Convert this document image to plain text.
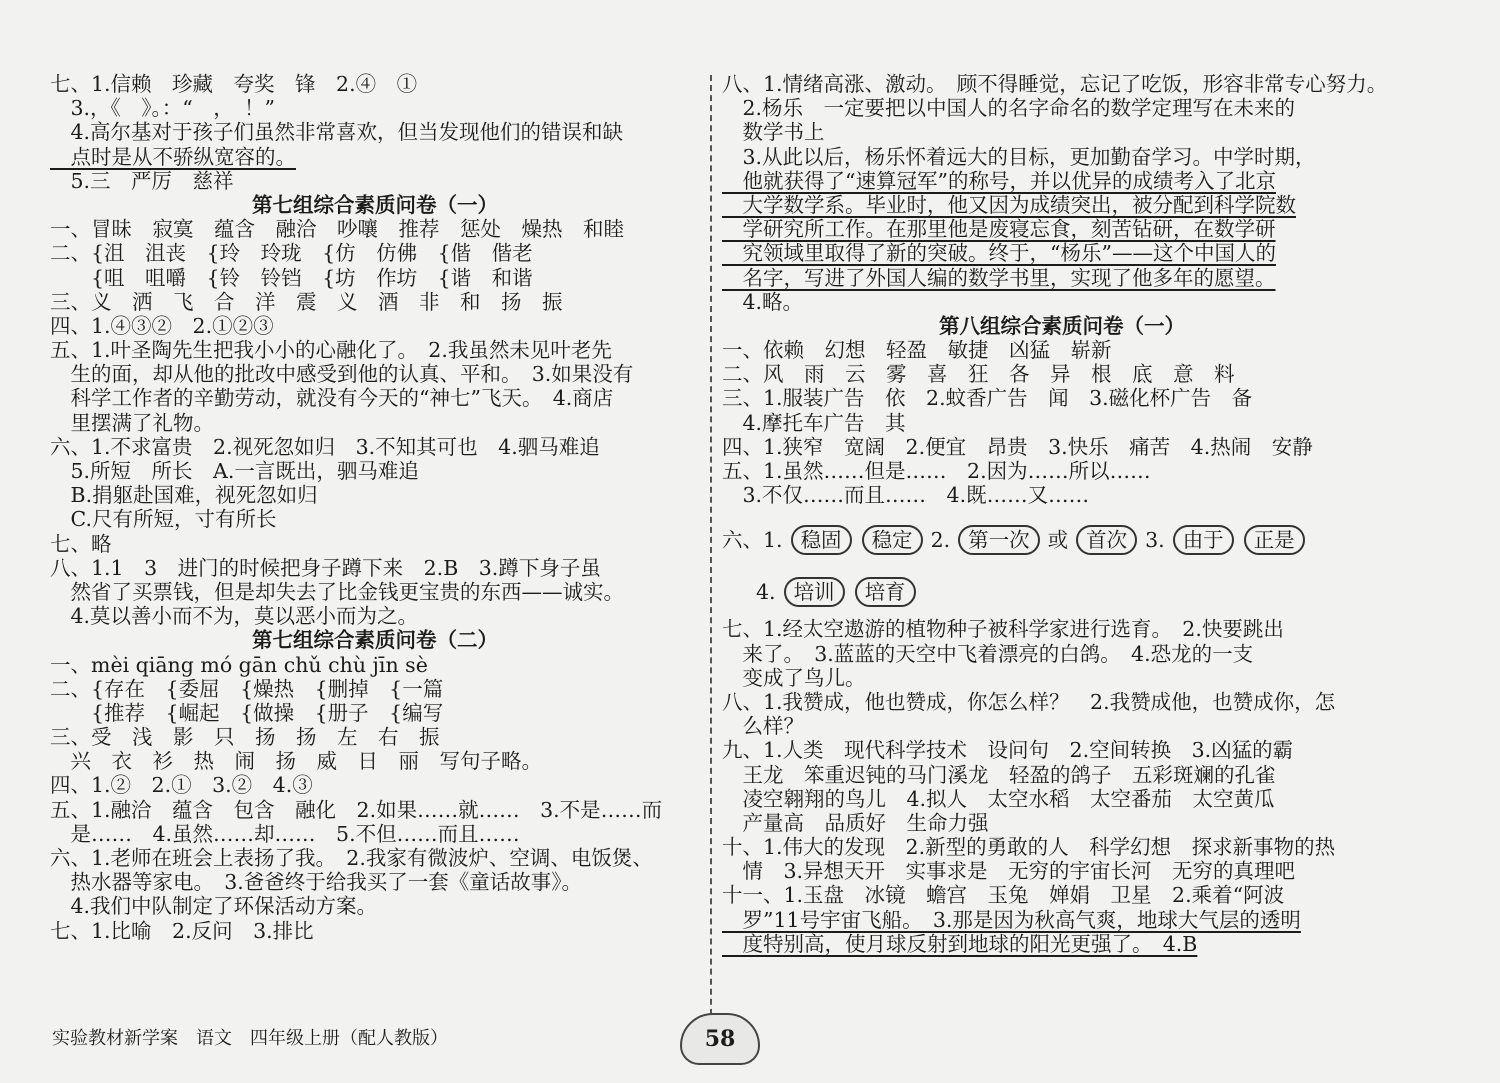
七、1.信赖　珍藏　夸奖　锋　2.④　①
　3.，《　》。：“　，　！”
　4.高尔基对于孩子们虽然非常喜欢，但当发现他们的错误和缺
　点时是从不骄纵宽容的。
　5.三　严厉　慈祥
第七组综合素质问卷（一）
一、冒昧　寂寞　蕴含　融洽　吵嚷　推荐　惩处　燥热　和睦
二、{沮　沮丧　{玲　玲珑　{仿　仿佛　{偕　偕老
　　{咀　咀嚼　{铃　铃铛　{坊　作坊　{谐　和谐
三、义　洒　飞　合　洋　震　义　酒　非　和　扬　振
四、1.④③②　2.①②③
五、1.叶圣陶先生把我小小的心融化了。　2.我虽然未见叶老先
　生的面，却从他的批改中感受到他的认真、平和。　3.如果没有
　科学工作者的辛勤劳动，就没有今天的“神七”飞天。　4.商店
　里摆满了礼物。
六、1.不求富贵　2.视死忽如归　3.不知其可也　4.驷马难追
　5.所短　所长　A.一言既出，驷马难追
　B.捐躯赴国难，视死忽如归
　C.尺有所短，寸有所长
七、略
八、1.1　3　进门的时候把身子蹲下来　2.B　3.蹲下身子虽
　然省了买票钱，但是却失去了比金钱更宝贵的东西——诚实。
　4.莫以善小而不为，莫以恶小而为之。
第七组综合素质问卷（二）
一、mèi qiāng mó gān chǔ chù jīn sè
二、{存在　{委屈　{燥热　{删掉　{一篇
　　{推荐　{崛起　{做操　{册子　{编写
三、受　浅　影　只　扬　扬　左　右　振
　兴　衣　衫　热　闹　扬　威　日　丽　写句子略。
四、1.②　2.①　3.②　4.③
五、1.融洽　蕴含　包含　融化　2.如果……就……　3.不是……而
　是……　4.虽然……却……　5.不但……而且……
六、1.老师在班会上表扬了我。　2.我家有微波炉、空调、电饭煲、
　热水器等家电。　3.爸爸终于给我买了一套《童话故事》。
　4.我们中队制定了环保活动方案。
七、1.比喻　2.反问　3.排比
八、1.情绪高涨、激动。　顾不得睡觉，忘记了吃饭，形容非常专心努力。
　2.杨乐　一定要把以中国人的名字命名的数学定理写在未来的
　数学书上
　3.从此以后，杨乐怀着远大的目标，更加勤奋学习。中学时期，
　他就获得了“速算冠军”的称号，并以优异的成绩考入了北京
　大学数学系。毕业时，他又因为成绩突出，被分配到科学院数
　学研究所工作。在那里他是废寝忘食，刻苦钻研，在数学研
　究领域里取得了新的突破。终于，“杨乐”——这个中国人的
　名字，写进了外国人编的数学书里，实现了他多年的愿望。
　4.略。
第八组综合素质问卷（一）
一、依赖　幻想　轻盈　敏捷　凶猛　崭新
二、风　雨　云　雾　喜　狂　各　异　根　底　意　料
三、1.服装广告　依　2.蚊香广告　闻　3.磁化杯广告　备
　4.摩托车广告　其
四、1.狭窄　宽阔　2.便宜　昂贵　3.快乐　痛苦　4.热闹　安静
五、1.虽然……但是……　2.因为……所以……
　3.不仅……而且……　4.既……又……
六、1. 稳固	稳定 2. 第一次 或 首次 3. 由于	正是
4. 培训	培育
七、1.经太空遨游的植物种子被科学家进行选育。　2.快要跳出
　来了。　3.蓝蓝的天空中飞着漂亮的白鸽。　4.恐龙的一支
　变成了鸟儿。
八、1.我赞成，他也赞成，你怎么样？　2.我赞成他，也赞成你，怎
　么样？
九、1.人类　现代科学技术　设问句　2.空间转换　3.凶猛的霸
　王龙　笨重迟钝的马门溪龙　轻盈的鸽子　五彩斑斓的孔雀
　凌空翱翔的鸟儿　4.拟人　太空水稻　太空番茄　太空黄瓜
　产量高　品质好　生命力强
十、1.伟大的发现　2.新型的勇敢的人　科学幻想　探求新事物的热
　情　3.异想天开　实事求是　无穷的宇宙长河　无穷的真理吧
十一、1.玉盘　冰镜　蟾宫　玉兔　婵娟　卫星　2.乘着“阿波
　罗”11号宇宙飞船。　3.那是因为秋高气爽，地球大气层的透明
　度特别高，使月球反射到地球的阳光更强了。　4.B
实验教材新学案　语文　四年级上册（配人教版）	58
